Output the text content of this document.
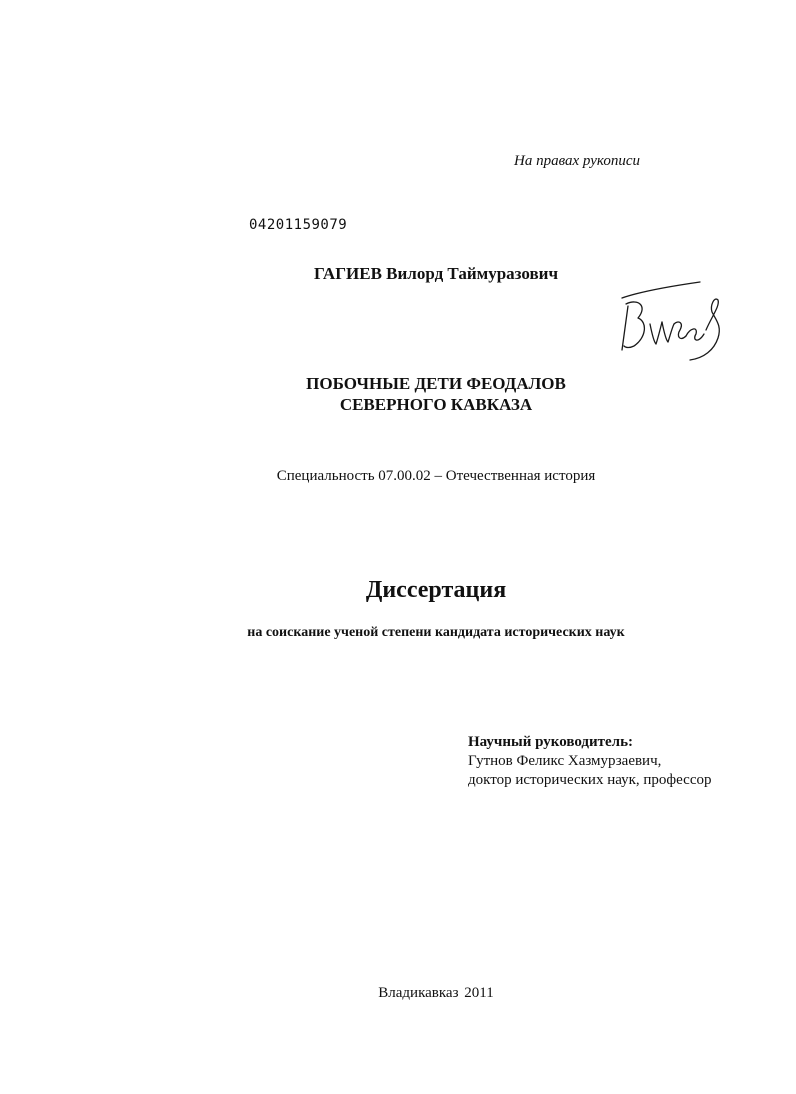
На правах рукописи
04201159079
ГАГИЕВ Вилорд Таймуразович
ПОБОЧНЫЕ ДЕТИ ФЕОДАЛОВ
СЕВЕРНОГО КАВКАЗА
Специальность 07.00.02 – Отечественная история
Диссертация
на соискание ученой степени кандидата исторических наук
Научный руководитель:
Гутнов Феликс Хазмурзаевич,
доктор исторических наук, профессор
Владикавказ 2011
